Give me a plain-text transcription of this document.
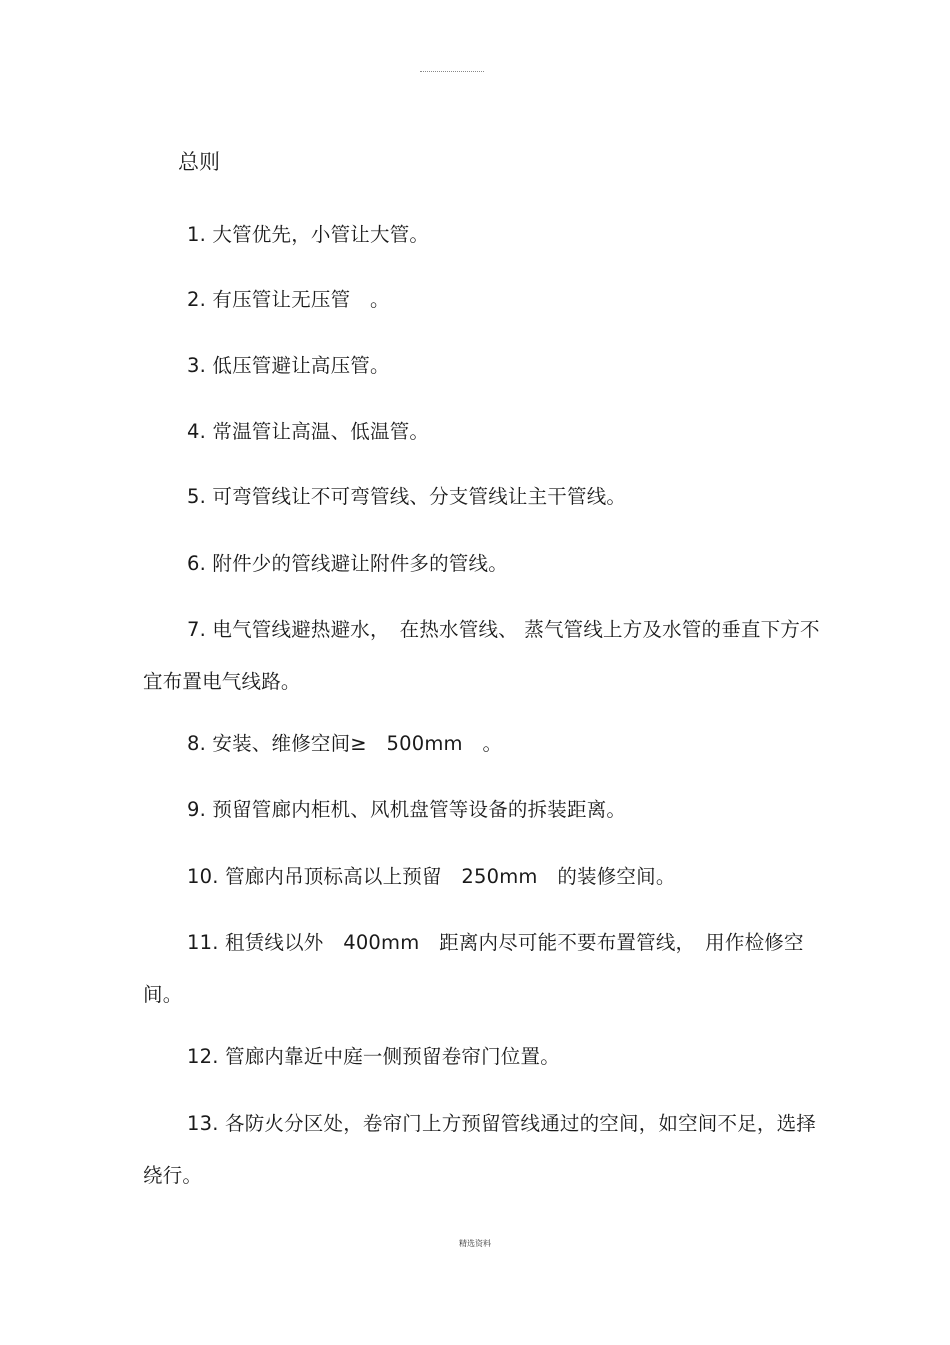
总则
1. 大管优先，小管让大管。
2. 有压管让无压管　。
3. 低压管避让高压管。
4. 常温管让高温、低温管。
5. 可弯管线让不可弯管线、分支管线让主干管线。
6. 附件少的管线避让附件多的管线。
7. 电气管线避热避水，　在热水管线、 蒸气管线上方及水管的垂直下方不宜布置电气线路。
8. 安装、维修空间≥　500mm　。
9. 预留管廊内柜机、风机盘管等设备的拆装距离。
10. 管廊内吊顶标高以上预留　250mm　的装修空间。
11. 租赁线以外　400mm　距离内尽可能不要布置管线，　用作检修空间。
12. 管廊内靠近中庭一侧预留卷帘门位置。
13. 各防火分区处，卷帘门上方预留管线通过的空间，如空间不足，选择绕行。
精选资料
